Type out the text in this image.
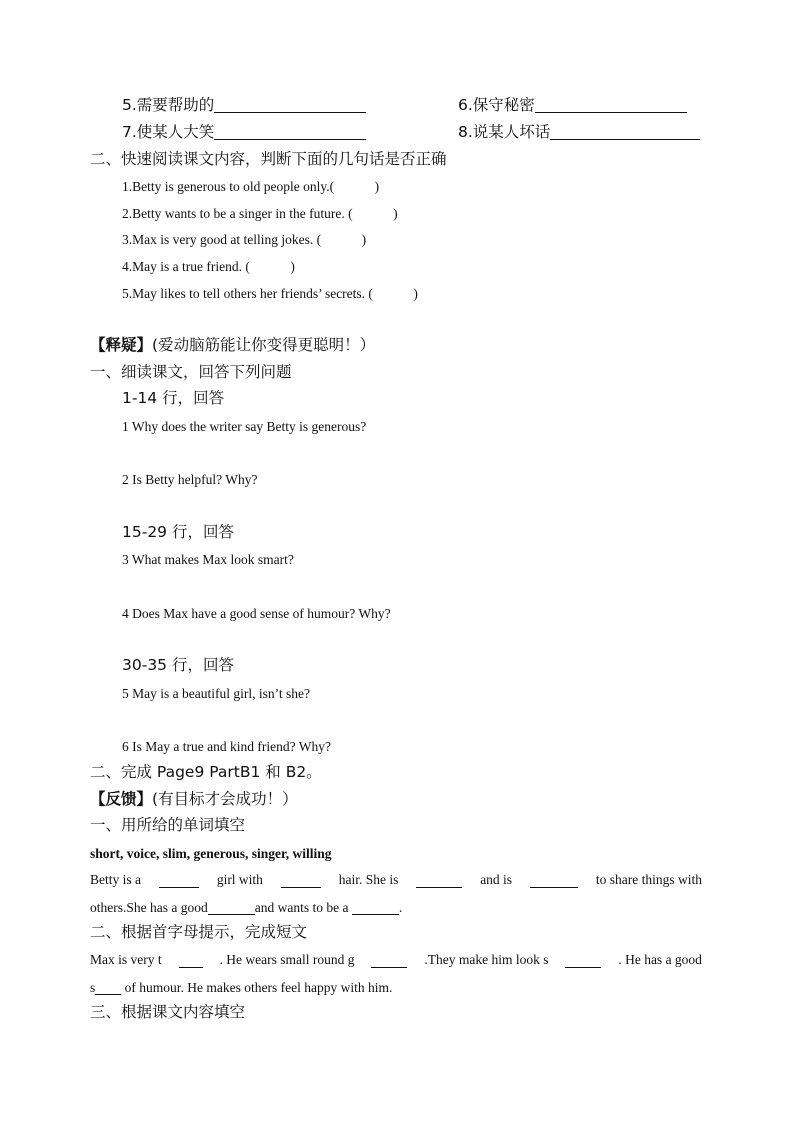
5.需要帮助的	6.保守秘密
7.使某人大笑	8.说某人坏话
二、快速阅读课文内容，判断下面的几句话是否正确
1.Betty is generous to old people only.(　　　)
2.Betty wants to be a singer in the future. (　　　)
3.Max is very good at telling jokes. (　　　)
4.May is a true friend. (　　　)
5.May likes to tell others her friends’ secrets. (　　　)
【释疑】(爱动脑筋能让你变得更聪明！）
一、细读课文，回答下列问题
1-14 行，回答
1 Why does the writer say Betty is generous?
2 Is Betty helpful? Why?
15-29 行，回答
3 What makes Max look smart?
4 Does Max have a good sense of humour? Why?
30-35 行，回答
5 May is a beautiful girl, isn’t she?
6 Is May a true and kind friend? Why?
二、完成 Page9 PartB1 和 B2。
【反馈】(有目标才会成功！）
一、用所给的单词填空
short, voice, slim, generous, singer, willing
Betty is a	girl with	hair. She is	and is	to share things with
others.She has a good	and wants to be a	.
二、根据首字母提示，完成短文
Max is very t	. He wears small round g	.They make him look s	. He has a good
s of humour. He makes others feel happy with him.
三、根据课文内容填空
